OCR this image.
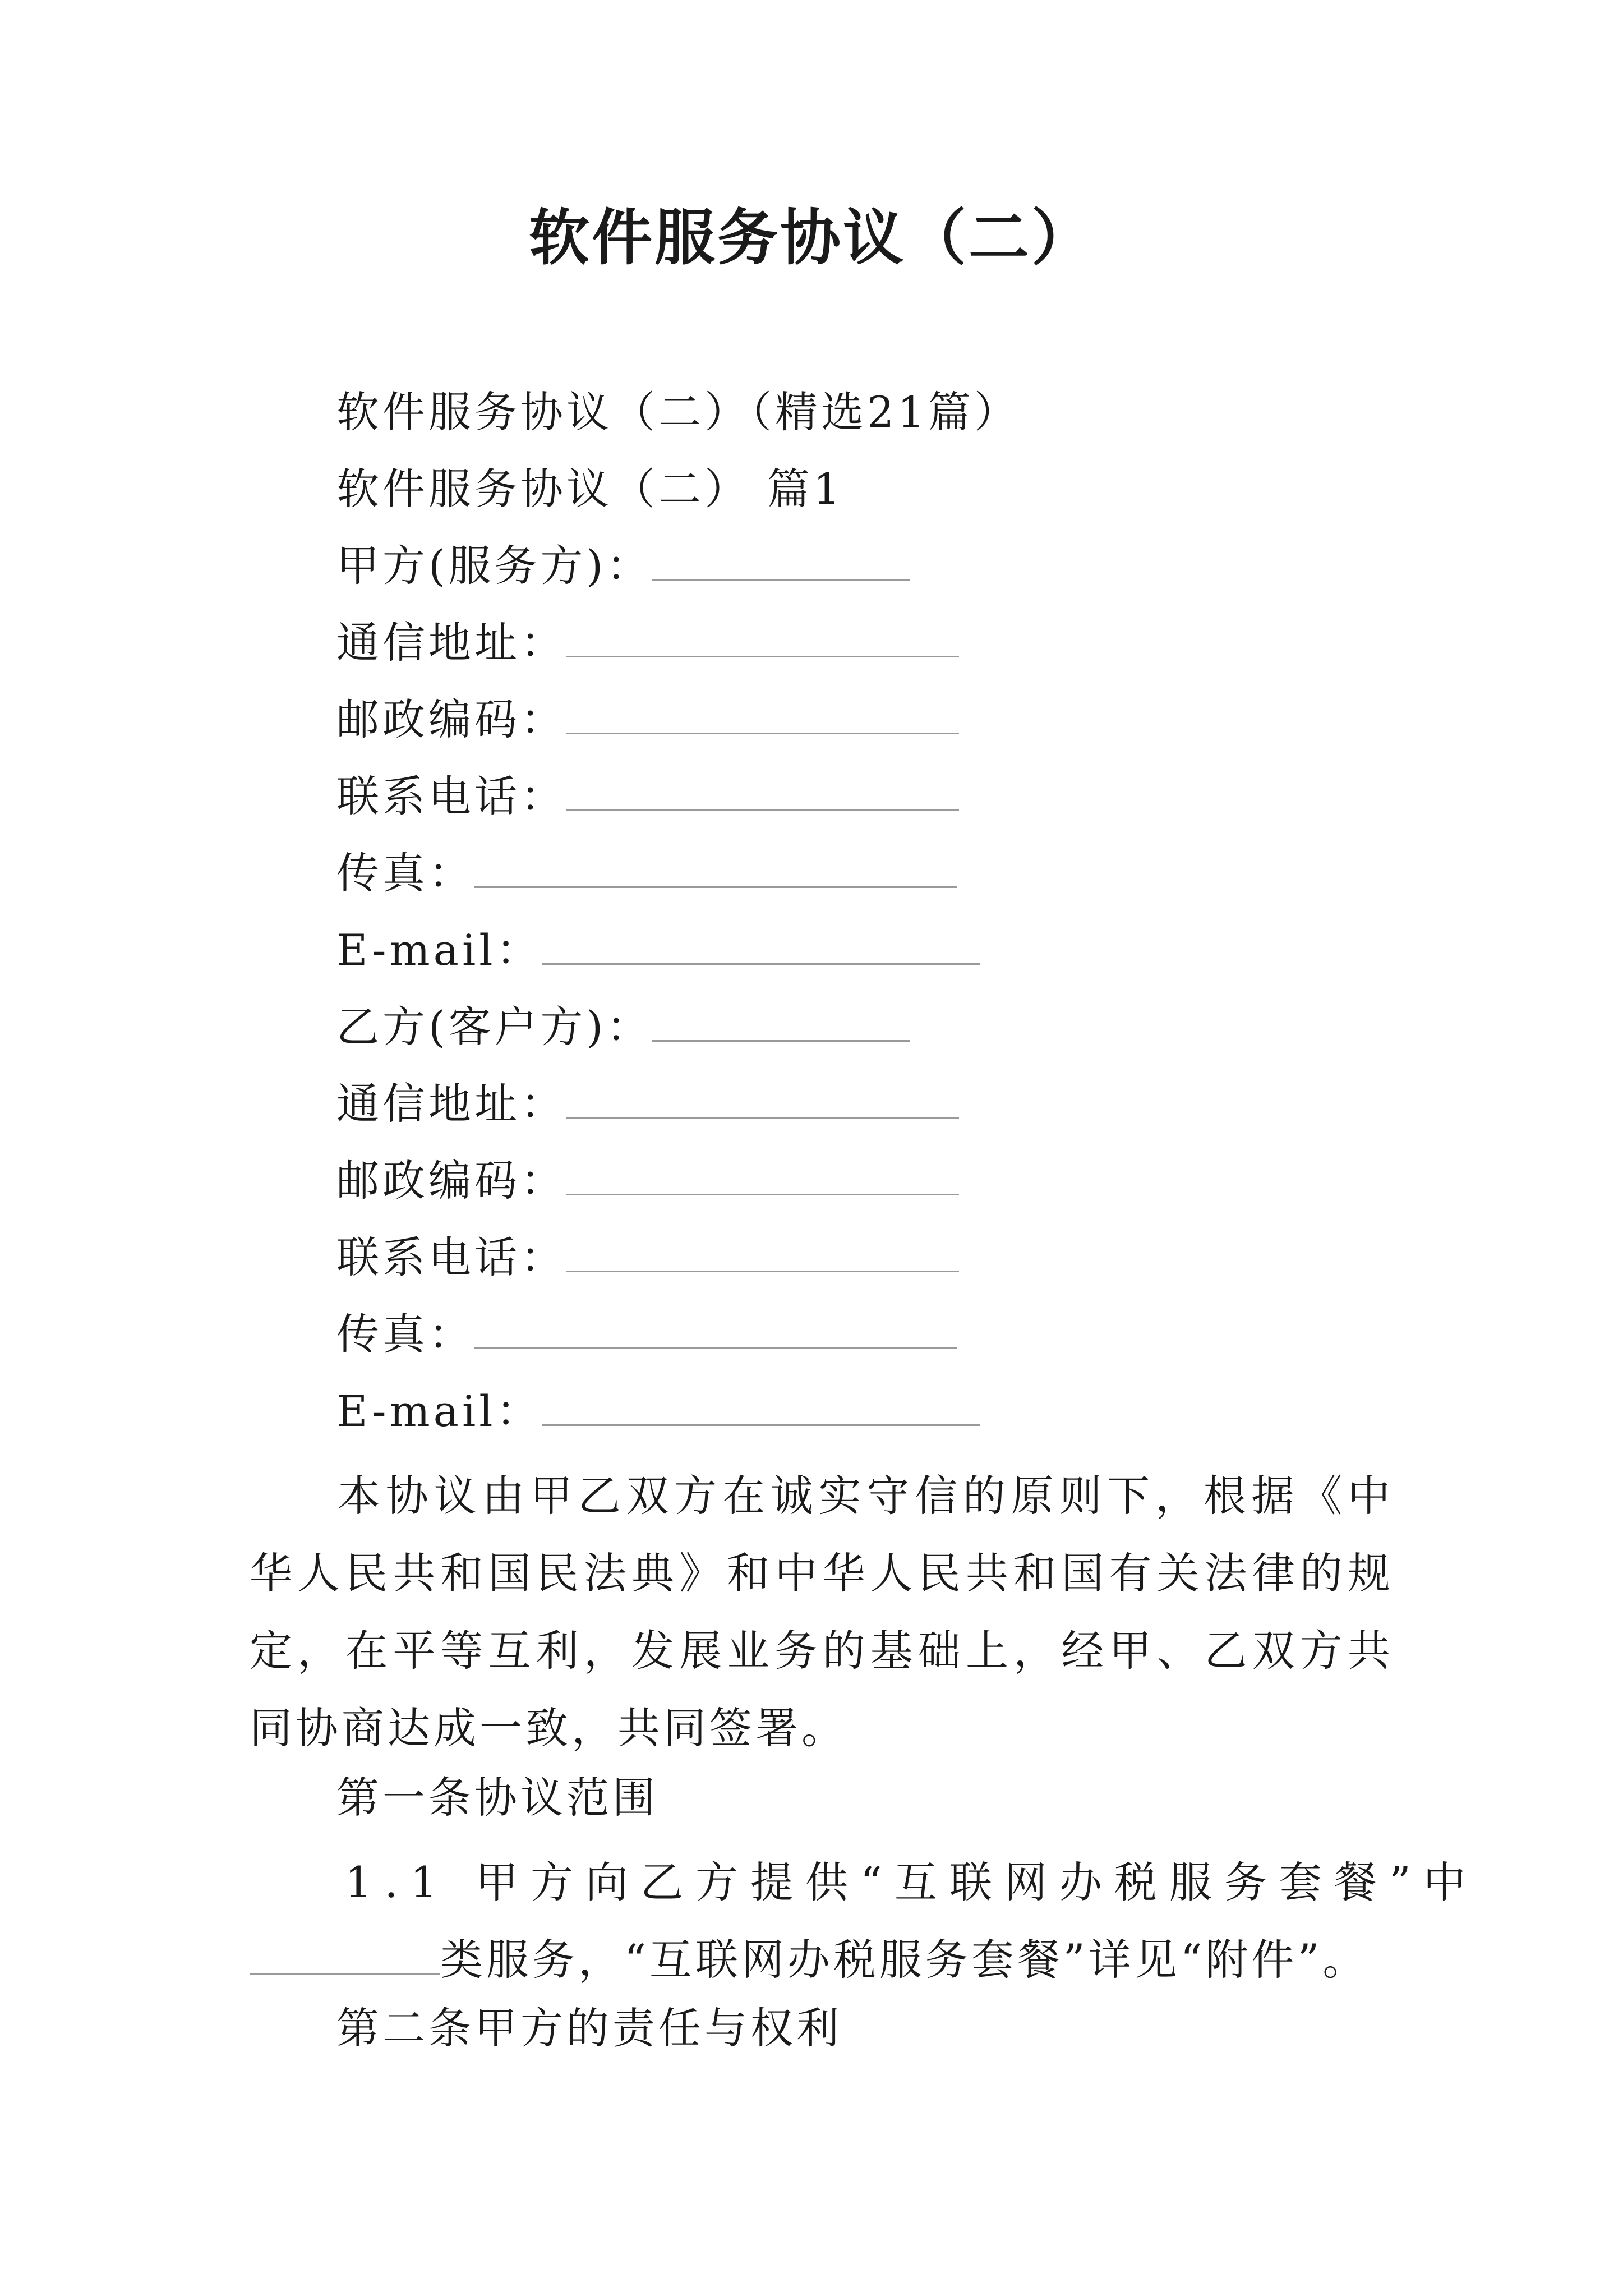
软件服务协议（二）
软件服务协议（二）（精选21篇）
软件服务协议（二） 篇1
甲方(服务方)：
通信地址：
邮政编码：
联系电话：
传真：
E-mail：
乙方(客户方)：
通信地址：
邮政编码：
联系电话：
传真：
E-mail：
本协议由甲乙双方在诚实守信的原则下，根据《中华人民共和国民法典》和中华人民共和国有关法律的规定，在平等互利，发展业务的基础上，经甲、乙双方共同协商达成一致，共同签署。
第一条协议范围
1.1 甲方向乙方提供“互联网办税服务套餐”中
类服务，“互联网办税服务套餐”详见“附件”。
第二条甲方的责任与权利
